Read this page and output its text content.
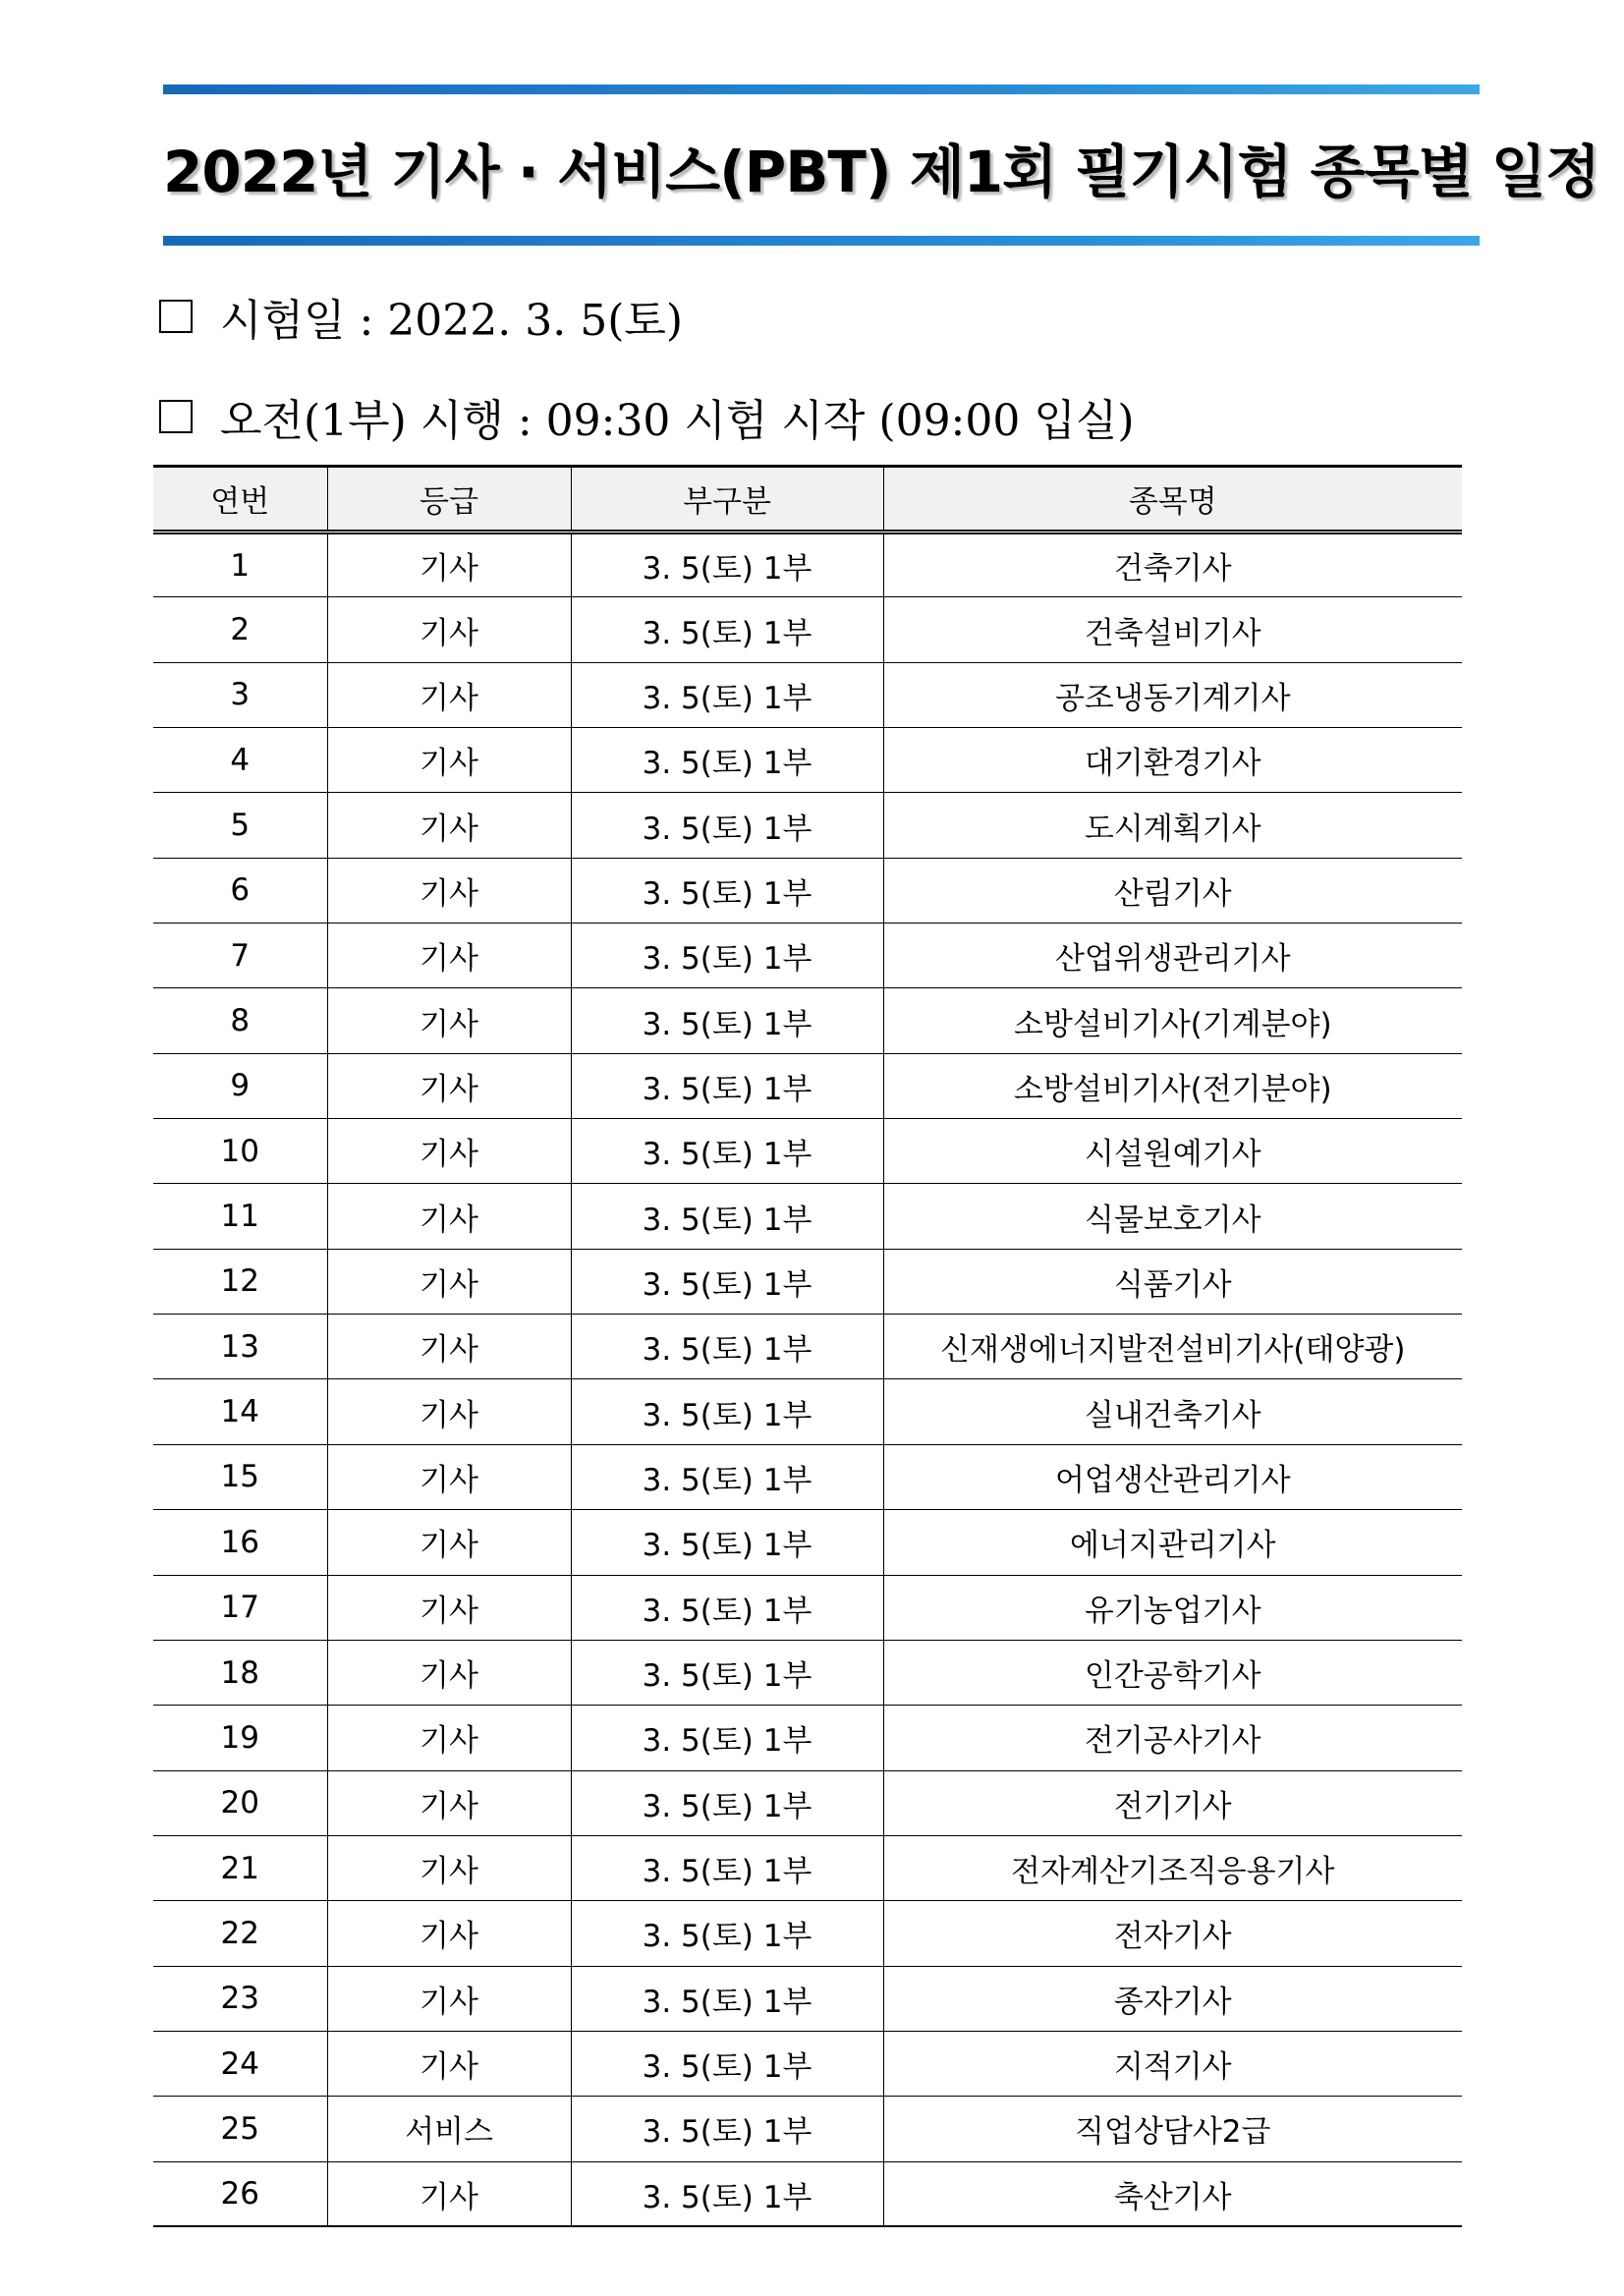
2022년 기사 · 서비스(PBT) 제1회 필기시험 종목별 일정
시험일 : 2022. 3. 5(토)
오전(1부) 시행 : 09:30 시험 시작 (09:00 입실)
연번	등급	부구분	종목명
1	기사	3. 5(토) 1부	건축기사
2	기사	3. 5(토) 1부	건축설비기사
3	기사	3. 5(토) 1부	공조냉동기계기사
4	기사	3. 5(토) 1부	대기환경기사
5	기사	3. 5(토) 1부	도시계획기사
6	기사	3. 5(토) 1부	산림기사
7	기사	3. 5(토) 1부	산업위생관리기사
8	기사	3. 5(토) 1부	소방설비기사(기계분야)
9	기사	3. 5(토) 1부	소방설비기사(전기분야)
10	기사	3. 5(토) 1부	시설원예기사
11	기사	3. 5(토) 1부	식물보호기사
12	기사	3. 5(토) 1부	식품기사
13	기사	3. 5(토) 1부	신재생에너지발전설비기사(태양광)
14	기사	3. 5(토) 1부	실내건축기사
15	기사	3. 5(토) 1부	어업생산관리기사
16	기사	3. 5(토) 1부	에너지관리기사
17	기사	3. 5(토) 1부	유기농업기사
18	기사	3. 5(토) 1부	인간공학기사
19	기사	3. 5(토) 1부	전기공사기사
20	기사	3. 5(토) 1부	전기기사
21	기사	3. 5(토) 1부	전자계산기조직응용기사
22	기사	3. 5(토) 1부	전자기사
23	기사	3. 5(토) 1부	종자기사
24	기사	3. 5(토) 1부	지적기사
25	서비스	3. 5(토) 1부	직업상담사2급
26	기사	3. 5(토) 1부	축산기사
